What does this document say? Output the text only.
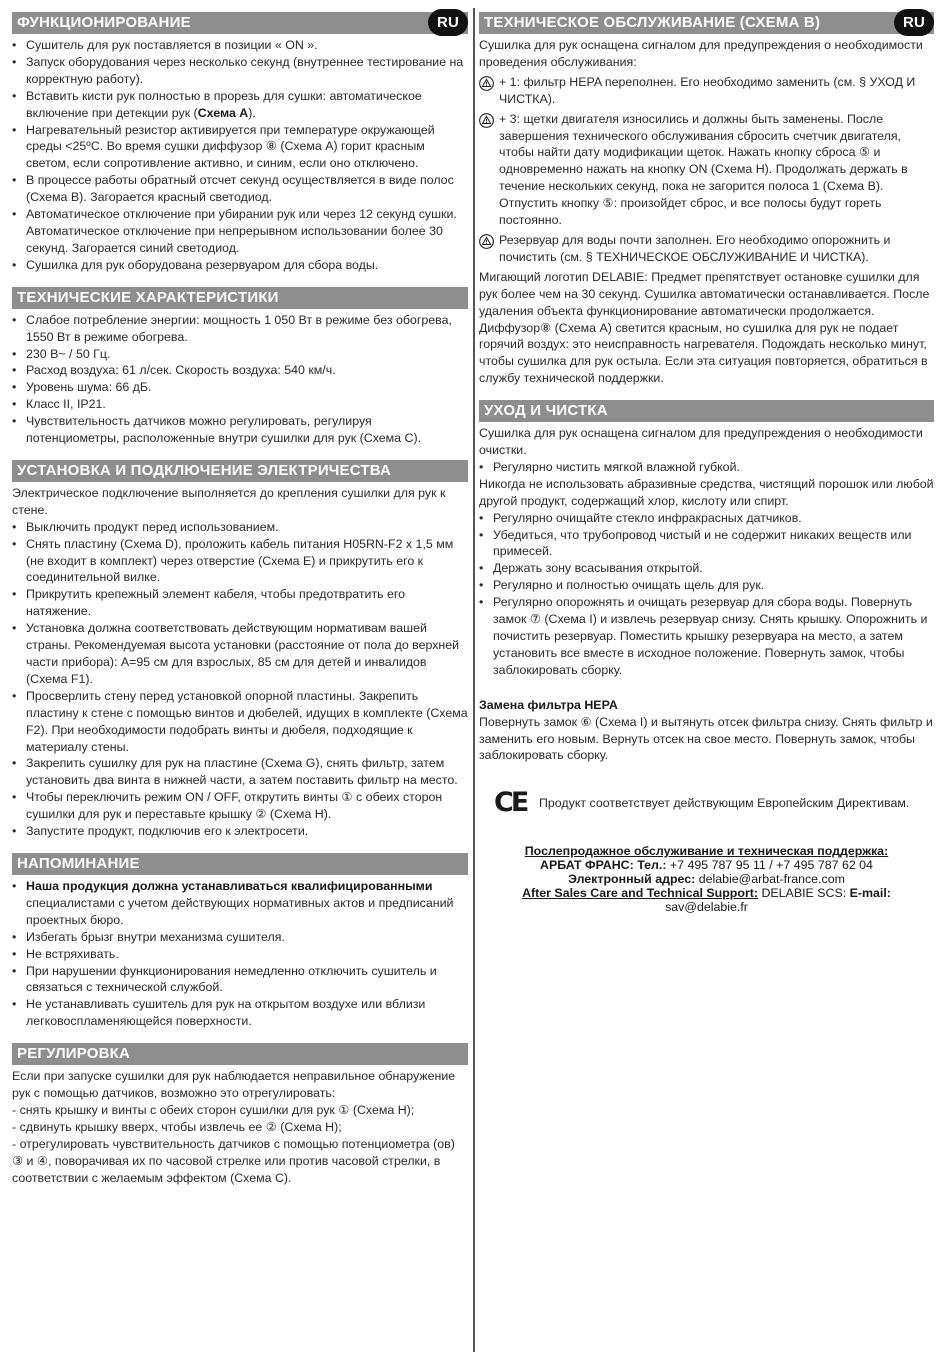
ФУНКЦИОНИРОВАНИЕ	RU
• Сушитель для рук поставляется в позиции « ON ».
• Запуск оборудования через несколько секунд (внутреннее тестирование на корректную работу).
• Вставить кисти рук полностью в прорезь для сушки: автоматическое включение при детекции рук (Схема A).
• Нагревательный резистор активируется при температуре окружающей среды <25ºC. Во время сушки диффузор ⑧ (Схема A) горит красным светом, если сопротивление активно, и синим, если оно отключено.
• В процессе работы обратный отсчет секунд осуществляется в виде полос (Схема B). Загорается красный светодиод.
• Автоматическое отключение при убирании рук или через 12 секунд сушки. Автоматическое отключение при непрерывном использовании более 30 секунд. Загорается синий светодиод.
• Сушилка для рук оборудована резервуаром для сбора воды.
ТЕХНИЧЕСКИЕ ХАРАКТЕРИСТИКИ
• Слабое потребление энергии: мощность 1 050 Вт в режиме без обогрева, 1550 Вт в режиме обогрева.
• 230 В~ / 50 Гц.
• Расход воздуха: 61 л/сек. Скорость воздуха: 540 км/ч.
• Уровень шума: 66 дБ.
• Класс II, IP21.
• Чувствительность датчиков можно регулировать, регулируя потенциометры, расположенные внутри сушилки для рук (Схема C).
УСТАНОВКА И ПОДКЛЮЧЕНИЕ ЭЛЕКТРИЧЕСТВА

Электрическое подключение выполняется до крепления сушилки для рук к стене.

• Выключить продукт перед использованием.
• Снять пластину (Схема D), проложить кабель питания H05RN-F2 x 1,5 мм (не входит в комплект) через отверстие (Схема E) и прикрутить его к соединительной вилке.
• Прикрутить крепежный элемент кабеля, чтобы предотвратить его натяжение.
• Установка должна соответствовать действующим нормативам вашей страны. Рекомендуемая высота установки (расстояние от пола до верхней части прибора): A=95 см для взрослых, 85 см для детей и инвалидов (Схема F1).
• Просверлить стену перед установкой опорной пластины. Закрепить пластину к стене с помощью винтов и дюбелей, идущих в комплекте (Схема F2). При необходимости подобрать винты и дюбеля, подходящие к материалу стены.
• Закрепить сушилку для рук на пластине (Схема G), снять фильтр, затем установить два винта в нижней части, а затем поставить фильтр на место.
• Чтобы переключить режим ON / OFF, открутить винты ① с обеих сторон сушилки для рук и переставьте крышку ② (Схема H).
• Запустите продукт, подключив его к электросети.
НАПОМИНАНИЕ
• Наша продукция должна устанавливаться квалифицированными специалистами с учетом действующих нормативных актов и предписаний проектных бюро.
• Избегать брызг внутри механизма сушителя.
• Не встряхивать.
• При нарушении функционирования немедленно отключить сушитель и связаться с технической службой.
• Не устанавливать сушитель для рук на открытом воздухе или вблизи легковоспламеняющейся поверхности.
РЕГУЛИРОВКА

Если при запуске сушилки для рук наблюдается неправильное обнаружение рук с помощью датчиков, возможно это отрегулировать:

- снять крышку и винты с обеих сторон сушилки для рук ① (Схема H);

- сдвинуть крышку вверх, чтобы извлечь ее ② (Схема H);

- отрегулировать чувствительность датчиков с помощью потенциометра (ов) ③ и ④, поворачивая их по часовой стрелке или против часовой стрелки, в соответствии с желаемым эффектом (Схема C).

ТЕХНИЧЕСКОЕ ОБСЛУЖИВАНИЕ (СХЕМА B)	RU

Сушилка для рук оснащена сигналом для предупреждения о необходимости проведения обслуживания:

+ 1: фильтр HEPA переполнен. Его необходимо заменить (см. § УХОД И ЧИСТКА).
+ 3: щетки двигателя износились и должны быть заменены. После завершения технического обслуживания сбросить счетчик двигателя, чтобы найти дату модификации щеток. Нажать кнопку сброса ⑤ и одновременно нажать на кнопку ON (Схема H). Продолжать держать в течение нескольких секунд, пока не загорится полоса 1 (Схема B). Отпустить кнопку ⑤: произойдет сброс, и все полосы будут гореть постоянно.
Резервуар для воды почти заполнен. Его необходимо опорожнить и почистить (см. § ТЕХНИЧЕСКОЕ ОБСЛУЖИВАНИЕ И ЧИСТКА).

Мигающий логотип DELABIE: Предмет препятствует остановке сушилки для рук более чем на 30 секунд. Сушилка автоматически останавливается. После удаления объекта функционирование автоматически продолжается.

Диффузор⑧ (Схема A) светится красным, но сушилка для рук не подает горячий воздух: это неисправность нагревателя. Подождать несколько минут, чтобы сушилка для рук остыла. Если эта ситуация повторяется, обратиться в службу технической поддержки.

УХОД И ЧИСТКА

Сушилка для рук оснащена сигналом для предупреждения о необходимости очистки.

• Регулярно чистить мягкой влажной губкой.

Никогда не использовать абразивные средства, чистящий порошок или любой другой продукт, содержащий хлор, кислоту или спирт.

• Регулярно очищайте стекло инфракрасных датчиков.
• Убедиться, что трубопровод чистый и не содержит никаких веществ или примесей.
• Держать зону всасывания открытой.
• Регулярно и полностью очищать щель для рук.
• Регулярно опорожнять и очищать резервуар для сбора воды. Повернуть замок ⑦ (Схема I) и извлечь резервуар снизу. Снять крышку. Опорожнить и почистить резервуар. Поместить крышку резервуара на место, а затем установить все вместе в исходное положение. Повернуть замок, чтобы заблокировать сборку.
Замена фильтра HEPA

Повернуть замок ⑥ (Схема I) и вытянуть отсек фильтра снизу. Снять фильтр и заменить его новым. Вернуть отсек на свое место. Повернуть замок, чтобы заблокировать сборку.

CE Продукт соответствует действующим Европейским Директивам.
Послепродажное обслуживание и техническая поддержка:
АРБАТ ФРАНС: Тел.: +7 495 787 95 11 / +7 495 787 62 04
Электронный адрес: delabie@arbat-france.com
After Sales Care and Technical Support: DELABIE SCS: E-mail: sav@delabie.fr
